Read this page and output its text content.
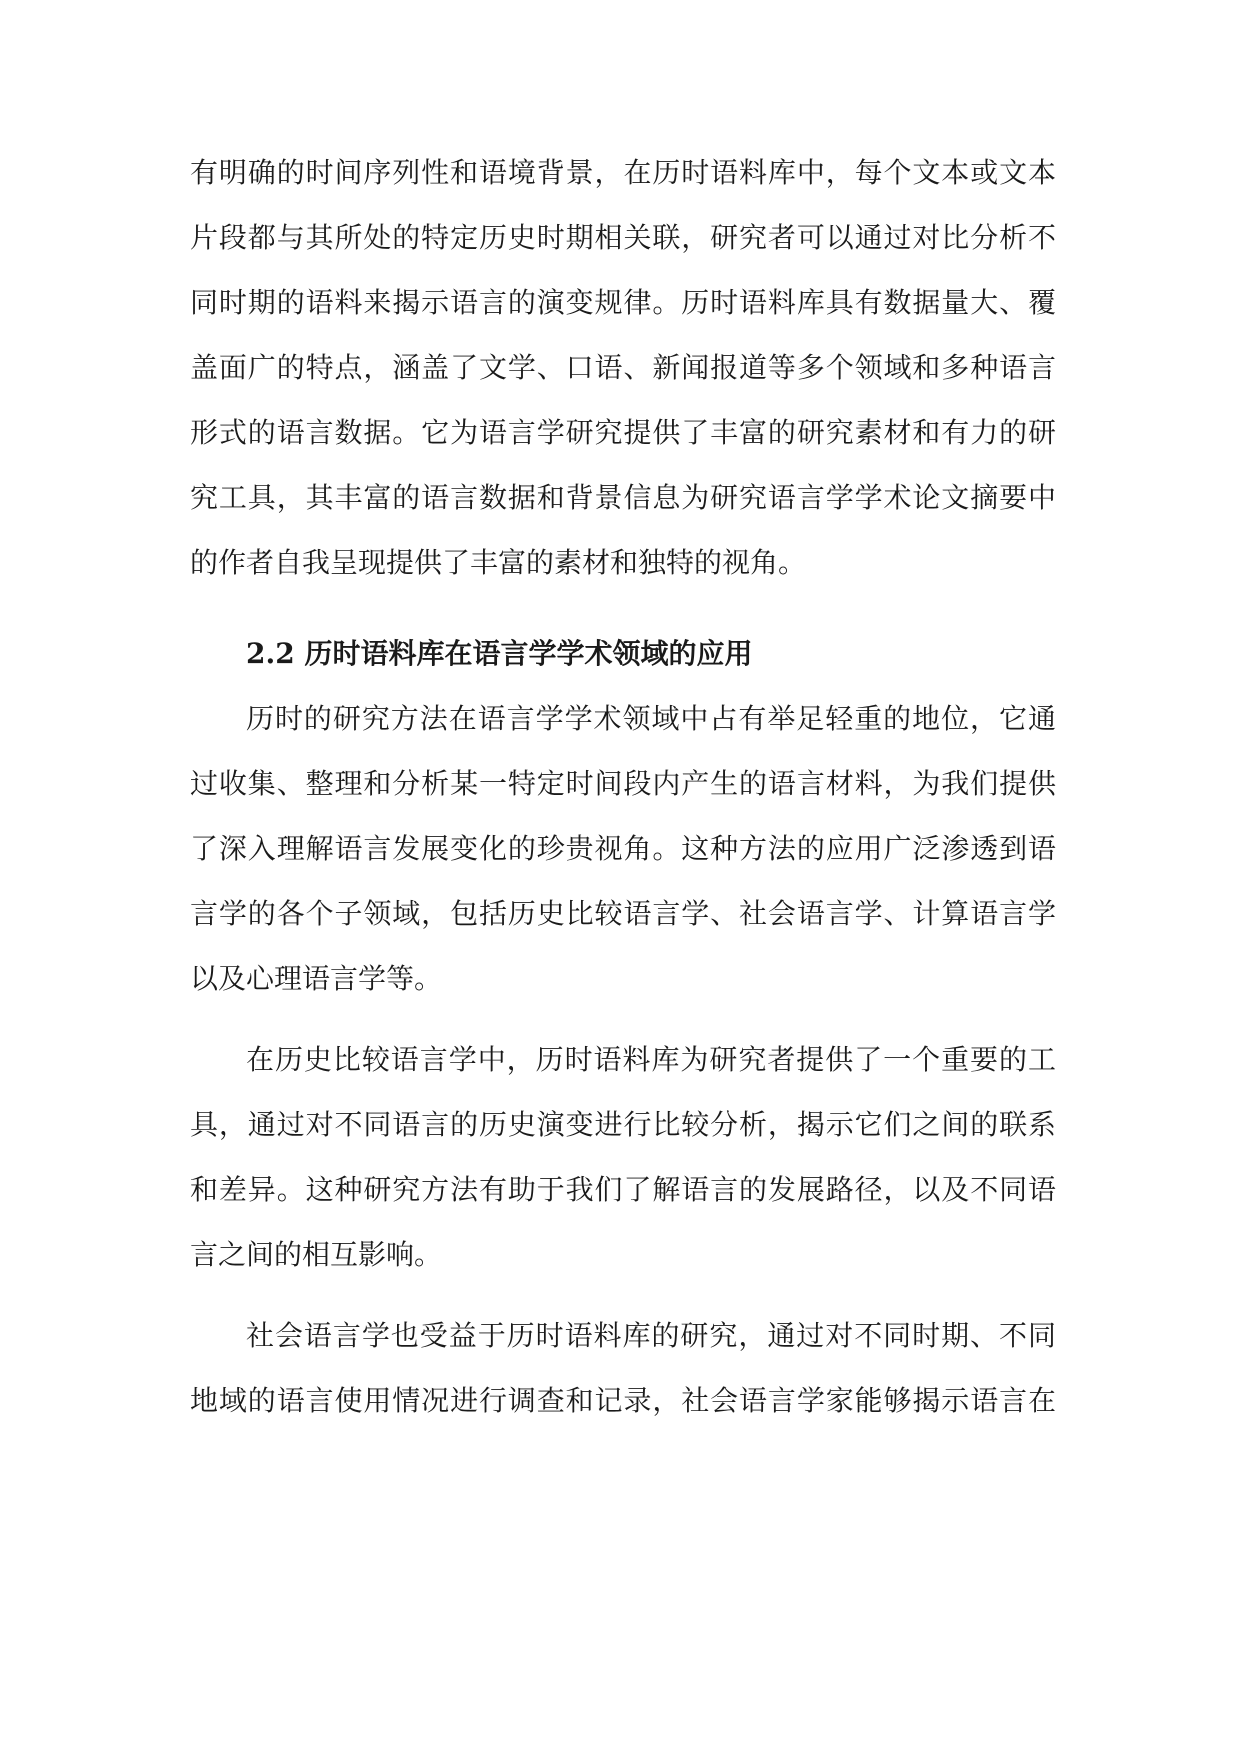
有明确的时间序列性和语境背景，在历时语料库中，每个文本或文本
片段都与其所处的特定历史时期相关联，研究者可以通过对比分析不
同时期的语料来揭示语言的演变规律。历时语料库具有数据量大、覆
盖面广的特点，涵盖了文学、口语、新闻报道等多个领域和多种语言
形式的语言数据。它为语言学研究提供了丰富的研究素材和有力的研
究工具，其丰富的语言数据和背景信息为研究语言学学术论文摘要中
的作者自我呈现提供了丰富的素材和独特的视角。
2.2 历时语料库在语言学学术领域的应用
历时的研究方法在语言学学术领域中占有举足轻重的地位，它通
过收集、整理和分析某一特定时间段内产生的语言材料，为我们提供
了深入理解语言发展变化的珍贵视角。这种方法的应用广泛渗透到语
言学的各个子领域，包括历史比较语言学、社会语言学、计算语言学
以及心理语言学等。
在历史比较语言学中，历时语料库为研究者提供了一个重要的工
具，通过对不同语言的历史演变进行比较分析，揭示它们之间的联系
和差异。这种研究方法有助于我们了解语言的发展路径，以及不同语
言之间的相互影响。
社会语言学也受益于历时语料库的研究，通过对不同时期、不同
地域的语言使用情况进行调查和记录，社会语言学家能够揭示语言在
